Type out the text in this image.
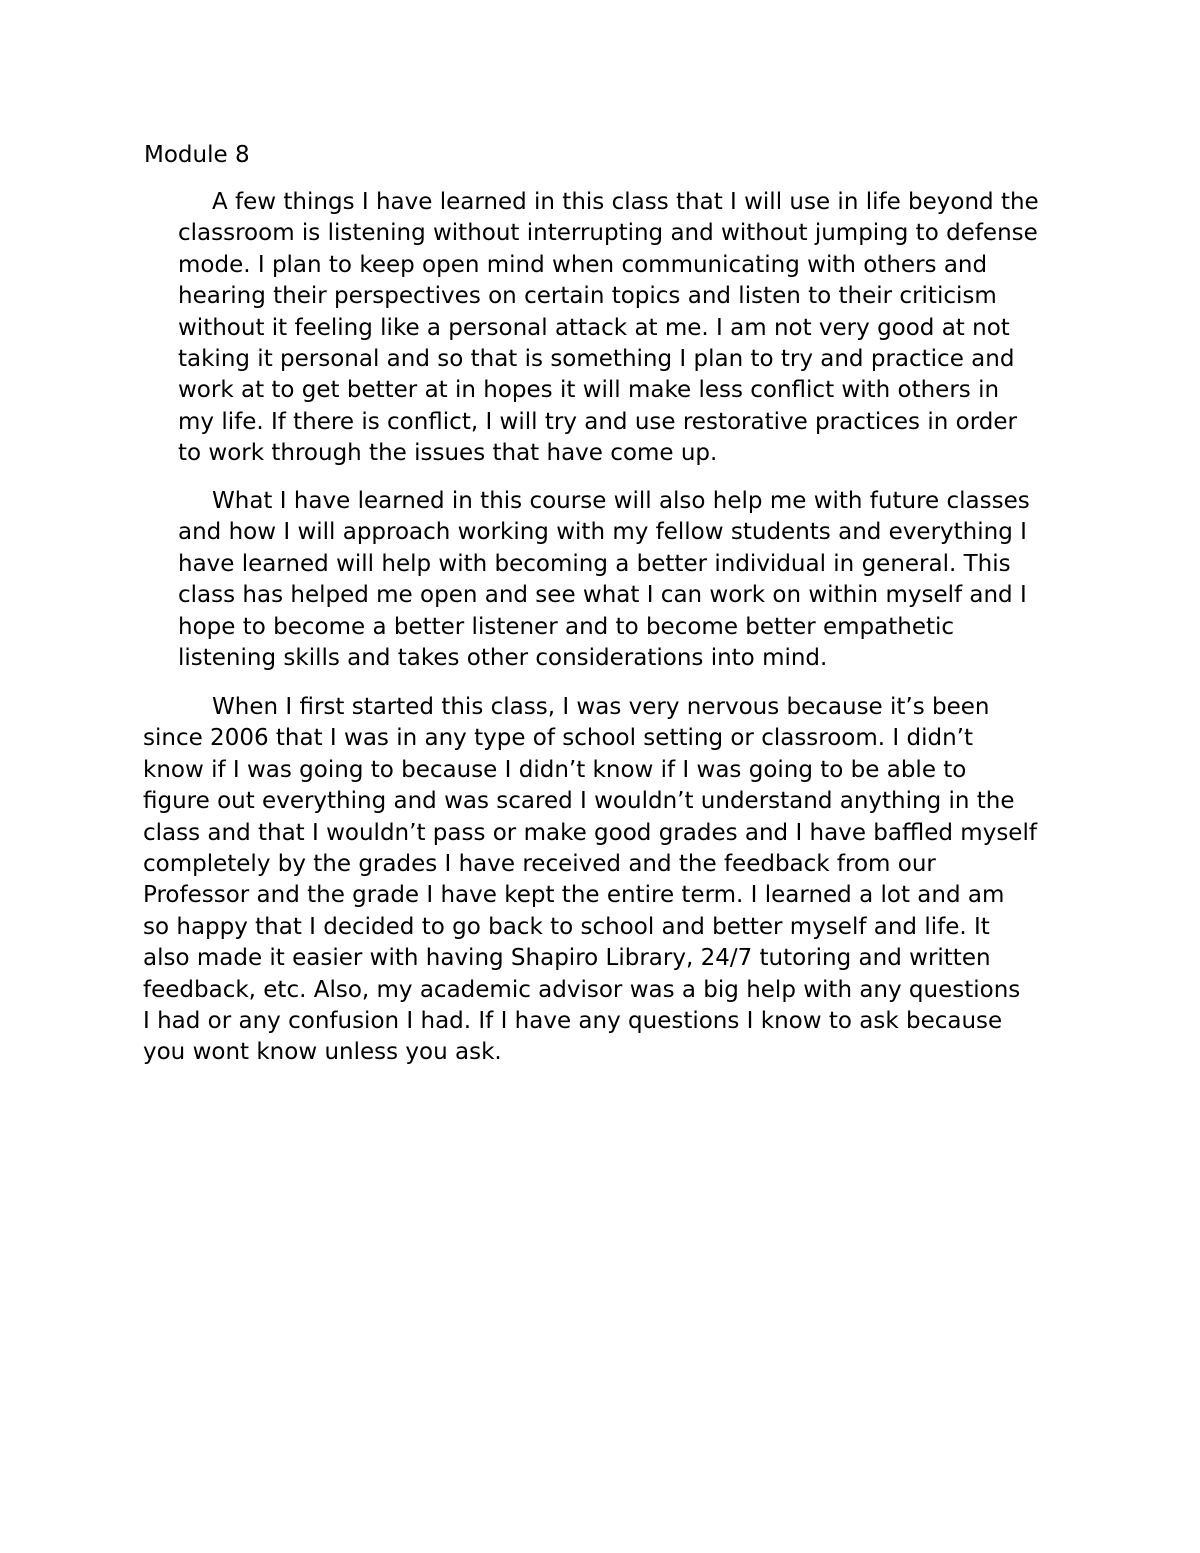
Module 8

A few things I have learned in this class that I will use in life beyond the
classroom is listening without interrupting and without jumping to defense
mode. I plan to keep open mind when communicating with others and
hearing their perspectives on certain topics and listen to their criticism
without it feeling like a personal attack at me. I am not very good at not
taking it personal and so that is something I plan to try and practice and
work at to get better at in hopes it will make less conflict with others in
my life. If there is conflict, I will try and use restorative practices in order
to work through the issues that have come up.

What I have learned in this course will also help me with future classes
and how I will approach working with my fellow students and everything I
have learned will help with becoming a better individual in general. This
class has helped me open and see what I can work on within myself and I
hope to become a better listener and to become better empathetic
listening skills and takes other considerations into mind.

When I first started this class, I was very nervous because it’s been
since 2006 that I was in any type of school setting or classroom. I didn’t
know if I was going to because I didn’t know if I was going to be able to
figure out everything and was scared I wouldn’t understand anything in the
class and that I wouldn’t pass or make good grades and I have baffled myself
completely by the grades I have received and the feedback from our
Professor and the grade I have kept the entire term. I learned a lot and am
so happy that I decided to go back to school and better myself and life. It
also made it easier with having Shapiro Library, 24/7 tutoring and written
feedback, etc. Also, my academic advisor was a big help with any questions
I had or any confusion I had. If I have any questions I know to ask because
you wont know unless you ask.
